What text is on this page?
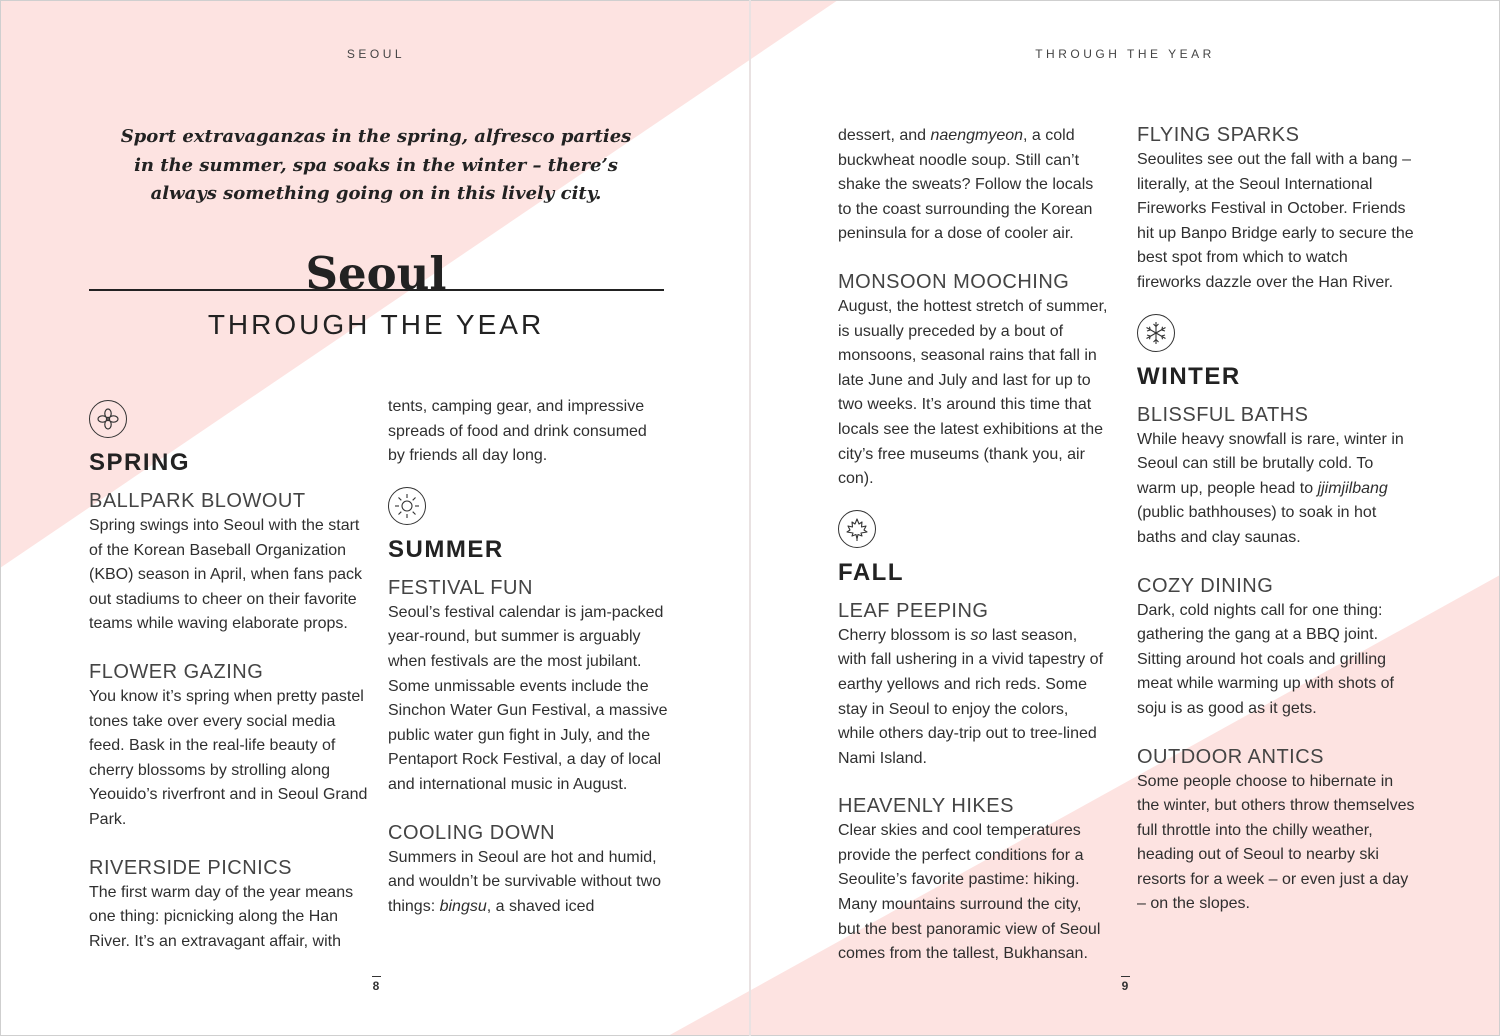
SEOUL	THROUGH THE YEAR
Sport extravaganzas in the spring, alfresco parties in the summer, spa soaks in the winter – there’s always something going on in this lively city.
Seoul
THROUGH THE YEAR
SPRING
BALLPARK BLOWOUT

Spring swings into Seoul with the start of the Korean Baseball Organization (KBO) season in April, when fans pack out stadiums to cheer on their favorite teams while waving elaborate props.

FLOWER GAZING

You know it’s spring when pretty pastel tones take over every social media feed. Bask in the real-life beauty of cherry blossoms by strolling along Yeouido’s riverfront and in Seoul Grand Park.

RIVERSIDE PICNICS

The first warm day of the year means one thing: picnicking along the Han River. It’s an extravagant affair, with

tents, camping gear, and impressive spreads of food and drink consumed by friends all day long.

SUMMER
FESTIVAL FUN

Seoul’s festival calendar is jam-packed year-round, but summer is arguably when festivals are the most jubilant. Some unmissable events include the Sinchon Water Gun Festival, a massive public water gun fight in July, and the Pentaport Rock Festival, a day of local and international music in August.

COOLING DOWN

Summers in Seoul are hot and humid, and wouldn’t be survivable without two things: bingsu, a shaved iced

dessert, and naengmyeon, a cold buckwheat noodle soup. Still can’t shake the sweats? Follow the locals to the coast surrounding the Korean peninsula for a dose of cooler air.

MONSOON MOOCHING

August, the hottest stretch of summer, is usually preceded by a bout of monsoons, seasonal rains that fall in late June and July and last for up to two weeks. It’s around this time that locals see the latest exhibitions at the city’s free museums (thank you, air con).

FALL
LEAF PEEPING

Cherry blossom is so last season, with fall ushering in a vivid tapestry of earthy yellows and rich reds. Some stay in Seoul to enjoy the colors, while others day-trip out to tree-lined Nami Island.

HEAVENLY HIKES

Clear skies and cool temperatures provide the perfect conditions for a Seoulite’s favorite pastime: hiking. Many mountains surround the city, but the best panoramic view of Seoul comes from the tallest, Bukhansan.

FLYING SPARKS

Seoulites see out the fall with a bang – literally, at the Seoul International Fireworks Festival in October. Friends hit up Banpo Bridge early to secure the best spot from which to watch fireworks dazzle over the Han River.

WINTER
BLISSFUL BATHS

While heavy snowfall is rare, winter in Seoul can still be brutally cold. To warm up, people head to jjimjilbang (public bathhouses) to soak in hot baths and clay saunas.

COZY DINING

Dark, cold nights call for one thing: gathering the gang at a BBQ joint. Sitting around hot coals and grilling meat while warming up with shots of soju is as good as it gets.

OUTDOOR ANTICS

Some people choose to hibernate in the winter, but others throw themselves full throttle into the chilly weather, heading out of Seoul to nearby ski resorts for a week – or even just a day – on the slopes.

8	9
